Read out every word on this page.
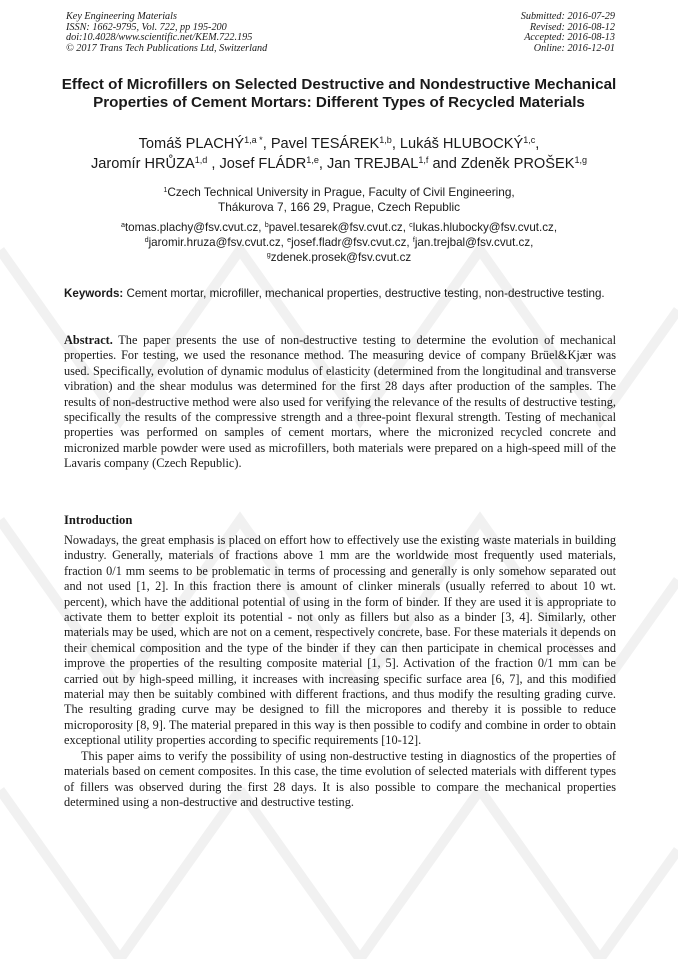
Key Engineering Materials
ISSN: 1662-9795, Vol. 722, pp 195-200
doi:10.4028/www.scientific.net/KEM.722.195
© 2017 Trans Tech Publications Ltd, Switzerland
Submitted: 2016-07-29
Revised: 2016-08-12
Accepted: 2016-08-13
Online: 2016-12-01
Effect of Microfillers on Selected Destructive and Nondestructive Mechanical Properties of Cement Mortars: Different Types of Recycled Materials
Tomáš $PLACHÝ^{1,a *}$, Pavel TESÁREK$^{1,b}$, Lukáš HLUBOCKÝ$^{1,c}$,
Jaromír HRŮZA$^{1,d}$ , Josef FLÁDR$^{1,e}$, Jan TREJBAL$^{1,f}$ and Zdeněk PROŠEK$^{1,g}$
$^1$Czech Technical University in Prague, Faculty of Civil Engineering,
Thákurova 7, 166 29, Prague, Czech Republic
$^a$tomas.plachy@fsv.cvut.cz, $^b$pavel.tesarek@fsv.cvut.cz, $^c$lukas.hlubocky@fsv.cvut.cz,
$^d$jaromir.hruza@fsv.cvut.cz, $^e$josef.fladr@fsv.cvut.cz, $^f$jan.trejbal@fsv.cvut.cz,
$^g$zdenek.prosek@fsv.cvut.cz
Keywords: Cement mortar, microfiller, mechanical properties, destructive testing, non-destructive testing.

Abstract. The paper presents the use of non-destructive testing to determine the evolution of mechanical properties. For testing, we used the resonance method. The measuring device of company Brüel&Kjær was used. Specifically, evolution of dynamic modulus of elasticity (determined from the longitudinal and transverse vibration) and the shear modulus was determined for the first 28 days after production of the samples. The results of non-destructive method were also used for verifying the relevance of the results of destructive testing, specifically the results of the compressive strength and a three-point flexural strength. Testing of mechanical properties was performed on samples of cement mortars, where the micronized recycled concrete and micronized marble powder were used as microfillers, both materials were prepared on a high-speed mill of the Lavaris company (Czech Republic).

Introduction

Nowadays, the great emphasis is placed on effort how to effectively use the existing waste materials in building industry. Generally, materials of fractions above 1 mm are the worldwide most frequently used materials, fraction 0/1 mm seems to be problematic in terms of processing and generally is only somehow separated out and not used [1, 2]. In this fraction there is amount of clinker minerals (usually referred to about 10 wt. percent), which have the additional potential of using in the form of binder. If they are used it is appropriate to activate them to better exploit its potential - not only as fillers but also as a binder [3, 4]. Similarly, other materials may be used, which are not on a cement, respectively concrete, base. For these materials it depends on their chemical composition and the type of the binder if they can then participate in chemical processes and improve the properties of the resulting composite material [1, 5]. Activation of the fraction 0/1 mm can be carried out by high-speed milling, it increases with increasing specific surface area [6, 7], and this modified material may then be suitably combined with different fractions, and thus modify the resulting grading curve. The resulting grading curve may be designed to fill the micropores and thereby it is possible to reduce microporosity [8, 9]. The material prepared in this way is then possible to codify and combine in order to obtain exceptional utility properties according to specific requirements [10-12].

This paper aims to verify the possibility of using non-destructive testing in diagnostics of the properties of materials based on cement composites. In this case, the time evolution of selected materials with different types of fillers was observed during the first 28 days. It is also possible to compare the mechanical properties determined using a non-destructive and destructive testing.
